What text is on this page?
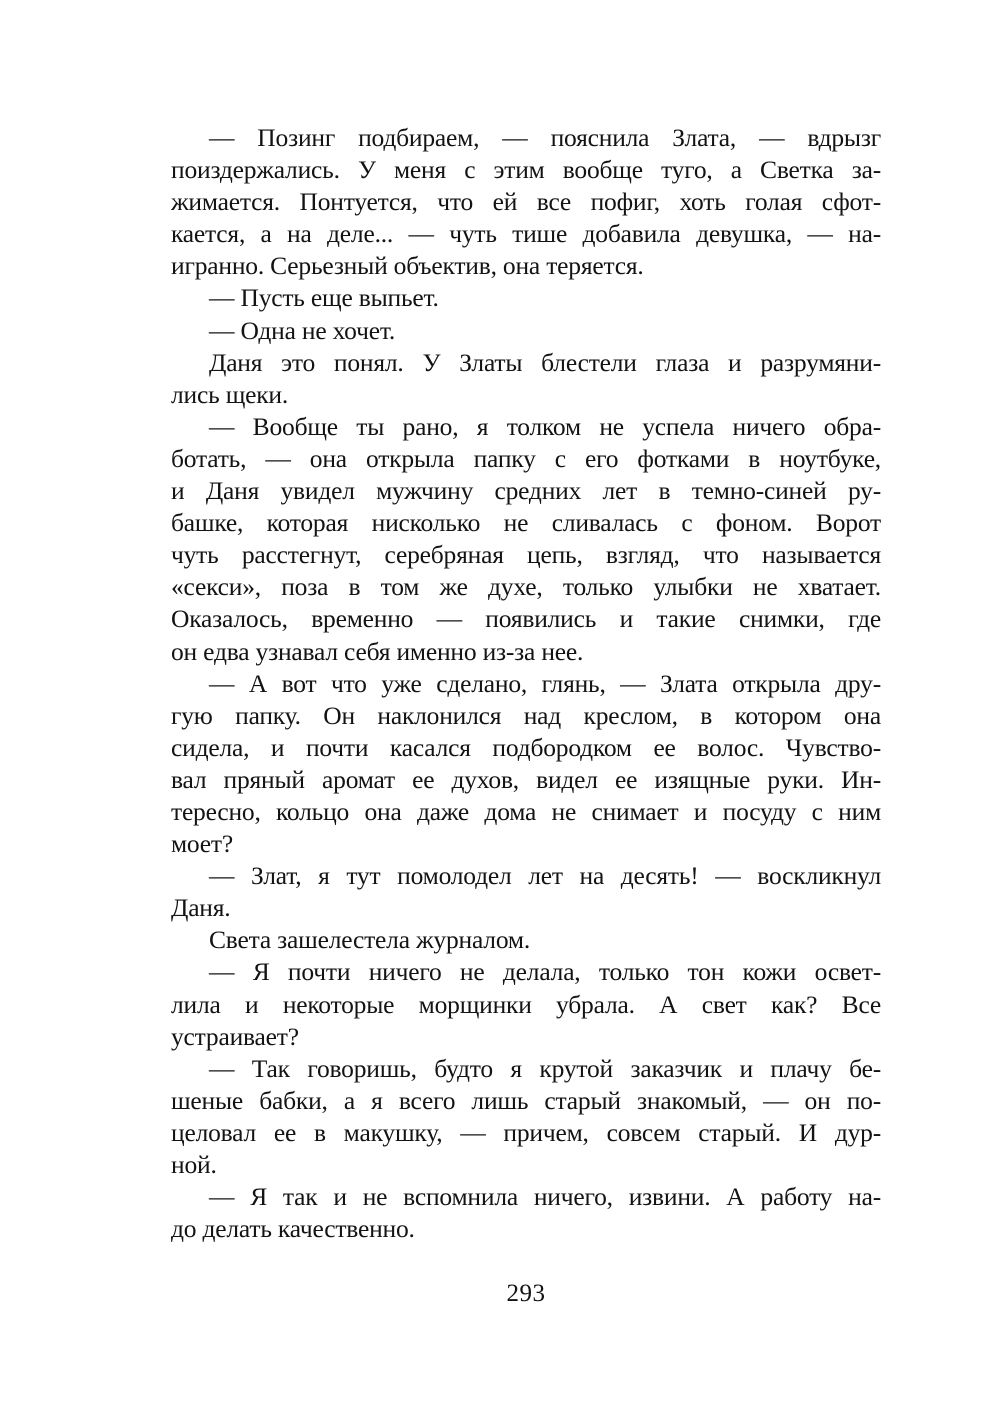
— Позинг подбираем, — пояснила Злата, — вдрызг
поиздержались. У меня с этим вообще туго, а Светка за-
жимается. Понтуется, что ей все пофиг, хоть голая сфот-
кается, а на деле... — чуть тише добавила девушка, — на-
игранно. Серьезный объектив, она теряется.
— Пусть еще выпьет.
— Одна не хочет.
Даня это понял. У Златы блестели глаза и разрумяни-
лись щеки.
— Вообще ты рано, я толком не успела ничего обра-
ботать, — она открыла папку с его фотками в ноутбуке,
и Даня увидел мужчину средних лет в темно-синей ру-
башке, которая нисколько не сливалась с фоном. Ворот
чуть расстегнут, серебряная цепь, взгляд, что называется
«секси», поза в том же духе, только улыбки не хватает.
Оказалось, временно — появились и такие снимки, где
он едва узнавал себя именно из-за нее.
— А вот что уже сделано, глянь, — Злата открыла дру-
гую папку. Он наклонился над креслом, в котором она
сидела, и почти касался подбородком ее волос. Чувство-
вал пряный аромат ее духов, видел ее изящные руки. Ин-
тересно, кольцо она даже дома не снимает и посуду с ним
моет?
— Злат, я тут помолодел лет на десять! — воскликнул
Даня.
Света зашелестела журналом.
— Я почти ничего не делала, только тон кожи освет-
лила и некоторые морщинки убрала. А свет как? Все
устраивает?
— Так говоришь, будто я крутой заказчик и плачу бе-
шеные бабки, а я всего лишь старый знакомый, — он по-
целовал ее в макушку, — причем, совсем старый. И дур-
ной.
— Я так и не вспомнила ничего, извини. А работу на-
до делать качественно.
293
